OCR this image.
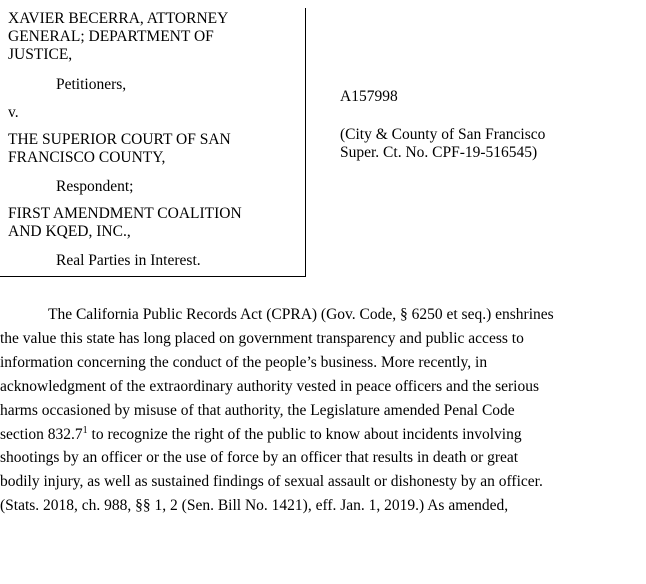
XAVIER BECERRA, ATTORNEY
GENERAL; DEPARTMENT OF
JUSTICE,
Petitioners,
v.
THE SUPERIOR COURT OF SAN
FRANCISCO COUNTY,
Respondent;
FIRST AMENDMENT COALITION
AND KQED, INC.,
Real Parties in Interest.
A157998
(City & County of San Francisco
Super. Ct. No. CPF-19-516545)
The California Public Records Act (CPRA) (Gov. Code, § 6250 et seq.) enshrines
the value this state has long placed on government transparency and public access to
information concerning the conduct of the people’s business. More recently, in
acknowledgment of the extraordinary authority vested in peace officers and the serious
harms occasioned by misuse of that authority, the Legislature amended Penal Code
section 832.7$^1$ to recognize the right of the public to know about incidents involving
shootings by an officer or the use of force by an officer that results in death or great
bodily injury, as well as sustained findings of sexual assault or dishonesty by an officer.
(Stats. 2018, ch. 988, §§ 1, 2 (Sen. Bill No. 1421), eff. Jan. 1, 2019.) As amended,
